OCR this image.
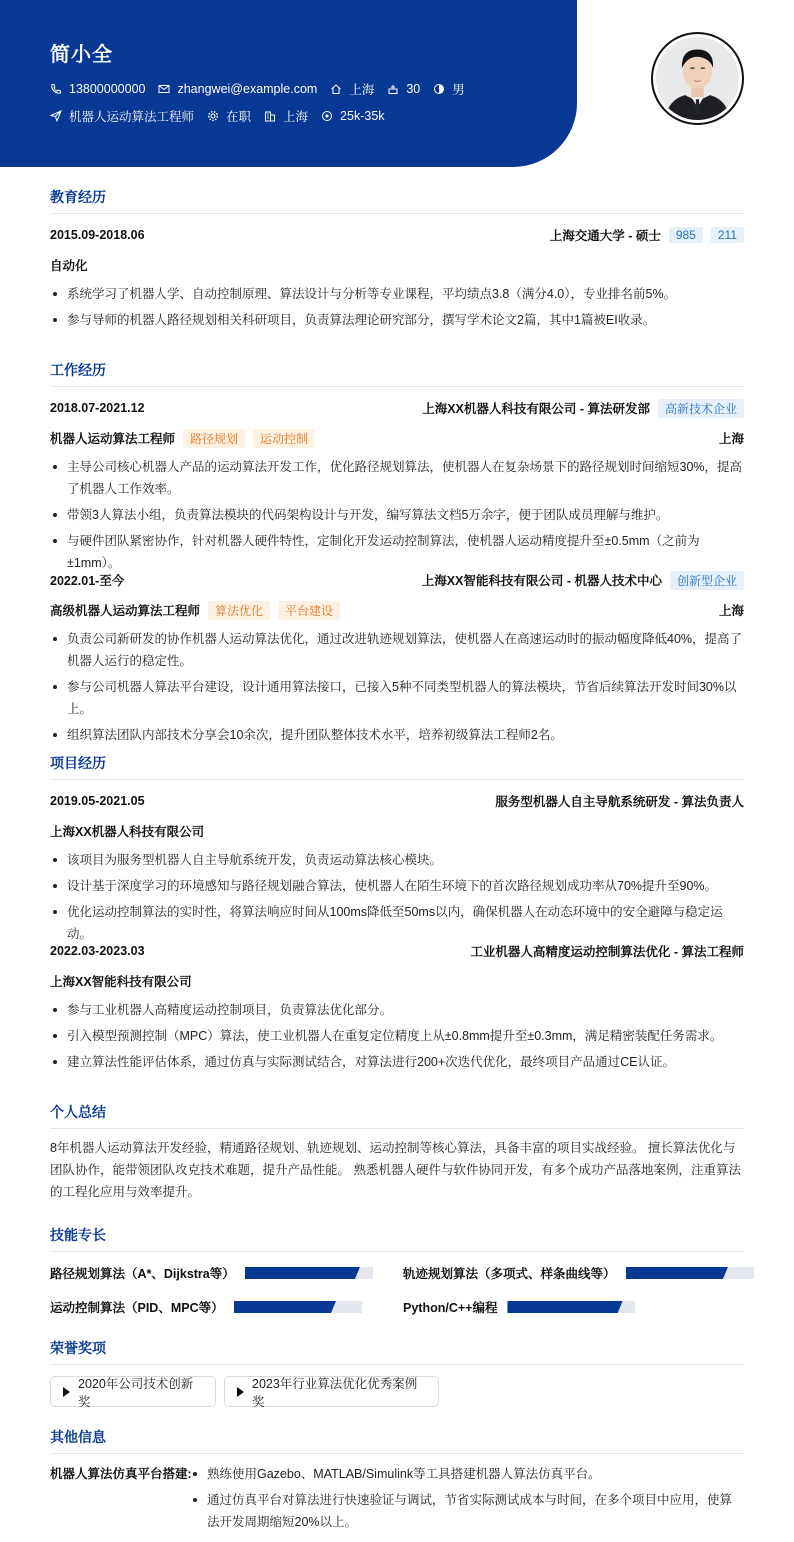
简小全
13800000000	zhangwei@example.com	上海	30	男
机器人运动算法工程师	在职	上海	25k-35k
教育经历
2015.09-2018.06	上海交通大学 - 硕士	985	211
自动化
系统学习了机器人学、自动控制原理、算法设计与分析等专业课程，平均绩点3.8（满分4.0），专业排名前5%。
参与导师的机器人路径规划相关科研项目，负责算法理论研究部分，撰写学术论文2篇，其中1篇被EI收录。
工作经历
2018.07-2021.12	上海XX机器人科技有限公司 - 算法研发部	高新技术企业
机器人运动算法工程师	路径规划	运动控制	上海
主导公司核心机器人产品的运动算法开发工作，优化路径规划算法，使机器人在复杂场景下的路径规划时间缩短30%，提高了机器人工作效率。
带领3人算法小组，负责算法模块的代码架构设计与开发，编写算法文档5万余字，便于团队成员理解与维护。
与硬件团队紧密协作，针对机器人硬件特性，定制化开发运动控制算法，使机器人运动精度提升至±0.5mm（之前为±1mm）。
2022.01-至今	上海XX智能科技有限公司 - 机器人技术中心	创新型企业
高级机器人运动算法工程师	算法优化	平台建设	上海
负责公司新研发的协作机器人运动算法优化，通过改进轨迹规划算法，使机器人在高速运动时的振动幅度降低40%，提高了机器人运行的稳定性。
参与公司机器人算法平台建设，设计通用算法接口，已接入5种不同类型机器人的算法模块，节省后续算法开发时间30%以上。
组织算法团队内部技术分享会10余次，提升团队整体技术水平，培养初级算法工程师2名。
项目经历
2019.05-2021.05	服务型机器人自主导航系统研发 - 算法负责人
上海XX机器人科技有限公司
该项目为服务型机器人自主导航系统开发，负责运动算法核心模块。
设计基于深度学习的环境感知与路径规划融合算法，使机器人在陌生环境下的首次路径规划成功率从70%提升至90%。
优化运动控制算法的实时性，将算法响应时间从100ms降低至50ms以内，确保机器人在动态环境中的安全避障与稳定运动。
2022.03-2023.03	工业机器人高精度运动控制算法优化 - 算法工程师
上海XX智能科技有限公司
参与工业机器人高精度运动控制项目，负责算法优化部分。
引入模型预测控制（MPC）算法，使工业机器人在重复定位精度上从±0.8mm提升至±0.3mm，满足精密装配任务需求。
建立算法性能评估体系，通过仿真与实际测试结合，对算法进行200+次迭代优化，最终项目产品通过CE认证。
个人总结

8年机器人运动算法开发经验，精通路径规划、轨迹规划、运动控制等核心算法，具备丰富的项目实战经验。 擅长算法优化与团队协作，能带领团队攻克技术难题，提升产品性能。 熟悉机器人硬件与软件协同开发，有多个成功产品落地案例，注重算法的工程化应用与效率提升。

技能专长
路径规划算法（A*、Dijkstra等）	轨迹规划算法（多项式、样条曲线等）
运动控制算法（PID、MPC等）	Python/C++编程
荣誉奖项
2020年公司技术创新奖
2023年行业算法优化优秀案例奖
其他信息
机器人算法仿真平台搭建:	熟练使用Gazebo、MATLAB/Simulink等工具搭建机器人算法仿真平台。
通过仿真平台对算法进行快速验证与调试，节省实际测试成本与时间，在多个项目中应用，使算法开发周期缩短20%以上。
